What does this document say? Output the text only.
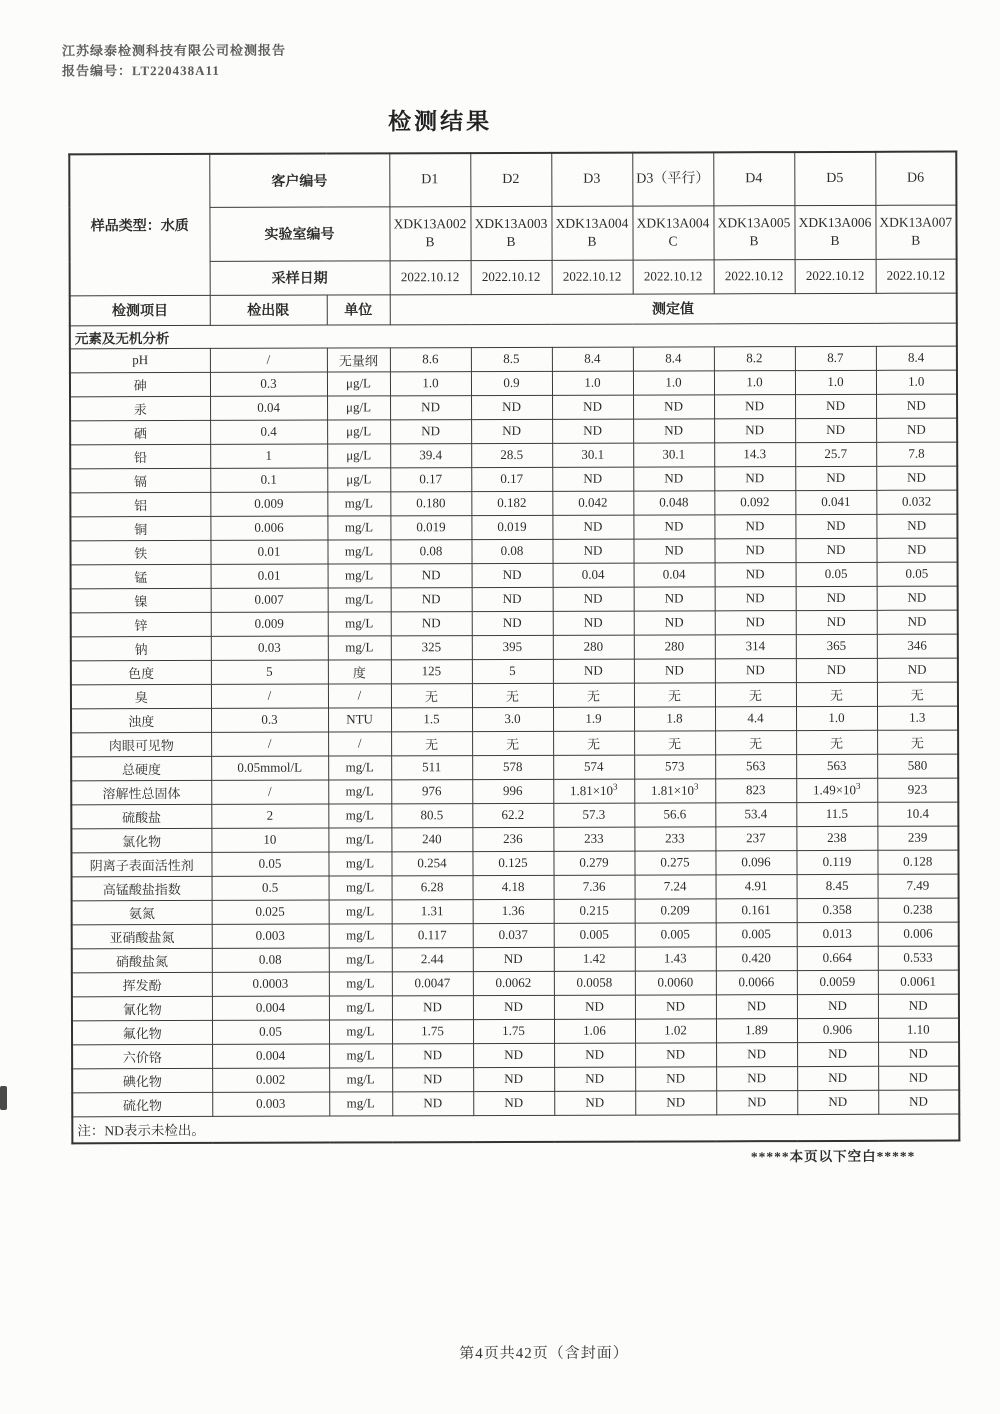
江苏绿泰检测科技有限公司检测报告
报告编号：LT220438A11
检测结果
样品类型：水质	客户编号		D1	D2	D3	D3（平行）	D4	D5	D6
	实验室编号		XDK13A002B	XDK13A003B	XDK13A004B	XDK13A004C	XDK13A005B	XDK13A006B	XDK13A007B
	采样日期		2022.10.12	2022.10.12	2022.10.12	2022.10.12	2022.10.12	2022.10.12	2022.10.12
检测项目	检出限	单位	测定值						
元素及无机分析									
pH	/	无量纲	8.6	8.5	8.4	8.4	8.2	8.7	8.4
砷	0.3	μg/L	1.0	0.9	1.0	1.0	1.0	1.0	1.0
汞	0.04	μg/L	ND	ND	ND	ND	ND	ND	ND
硒	0.4	μg/L	ND	ND	ND	ND	ND	ND	ND
铅	1	μg/L	39.4	28.5	30.1	30.1	14.3	25.7	7.8
镉	0.1	μg/L	0.17	0.17	ND	ND	ND	ND	ND
铝	0.009	mg/L	0.180	0.182	0.042	0.048	0.092	0.041	0.032
铜	0.006	mg/L	0.019	0.019	ND	ND	ND	ND	ND
铁	0.01	mg/L	0.08	0.08	ND	ND	ND	ND	ND
锰	0.01	mg/L	ND	ND	0.04	0.04	ND	0.05	0.05
镍	0.007	mg/L	ND	ND	ND	ND	ND	ND	ND
锌	0.009	mg/L	ND	ND	ND	ND	ND	ND	ND
钠	0.03	mg/L	325	395	280	280	314	365	346
色度	5	度	125	5	ND	ND	ND	ND	ND
臭	/	/	无	无	无	无	无	无	无
浊度	0.3	NTU	1.5	3.0	1.9	1.8	4.4	1.0	1.3
肉眼可见物	/	/	无	无	无	无	无	无	无
总硬度	0.05mmol/L	mg/L	511	578	574	573	563	563	580
溶解性总固体	/	mg/L	976	996	$1.81\times 10^3$	$1.81\times 10^3$	823	$1.49\times 10^3$	923
硫酸盐	2	mg/L	80.5	62.2	57.3	56.6	53.4	11.5	10.4
氯化物	10	mg/L	240	236	233	233	237	238	239
阴离子表面活性剂	0.05	mg/L	0.254	0.125	0.279	0.275	0.096	0.119	0.128
高锰酸盐指数	0.5	mg/L	6.28	4.18	7.36	7.24	4.91	8.45	7.49
氨氮	0.025	mg/L	1.31	1.36	0.215	0.209	0.161	0.358	0.238
亚硝酸盐氮	0.003	mg/L	0.117	0.037	0.005	0.005	0.005	0.013	0.006
硝酸盐氮	0.08	mg/L	2.44	ND	1.42	1.43	0.420	0.664	0.533
挥发酚	0.0003	mg/L	0.0047	0.0062	0.0058	0.0060	0.0066	0.0059	0.0061
氰化物	0.004	mg/L	ND	ND	ND	ND	ND	ND	ND
氟化物	0.05	mg/L	1.75	1.75	1.06	1.02	1.89	0.906	1.10
六价铬	0.004	mg/L	ND	ND	ND	ND	ND	ND	ND
碘化物	0.002	mg/L	ND	ND	ND	ND	ND	ND	ND
硫化物	0.003	mg/L	ND	ND	ND	ND	ND	ND	ND
注：ND表示未检出。									
*****本页以下空白*****
第4页共42页（含封面）
